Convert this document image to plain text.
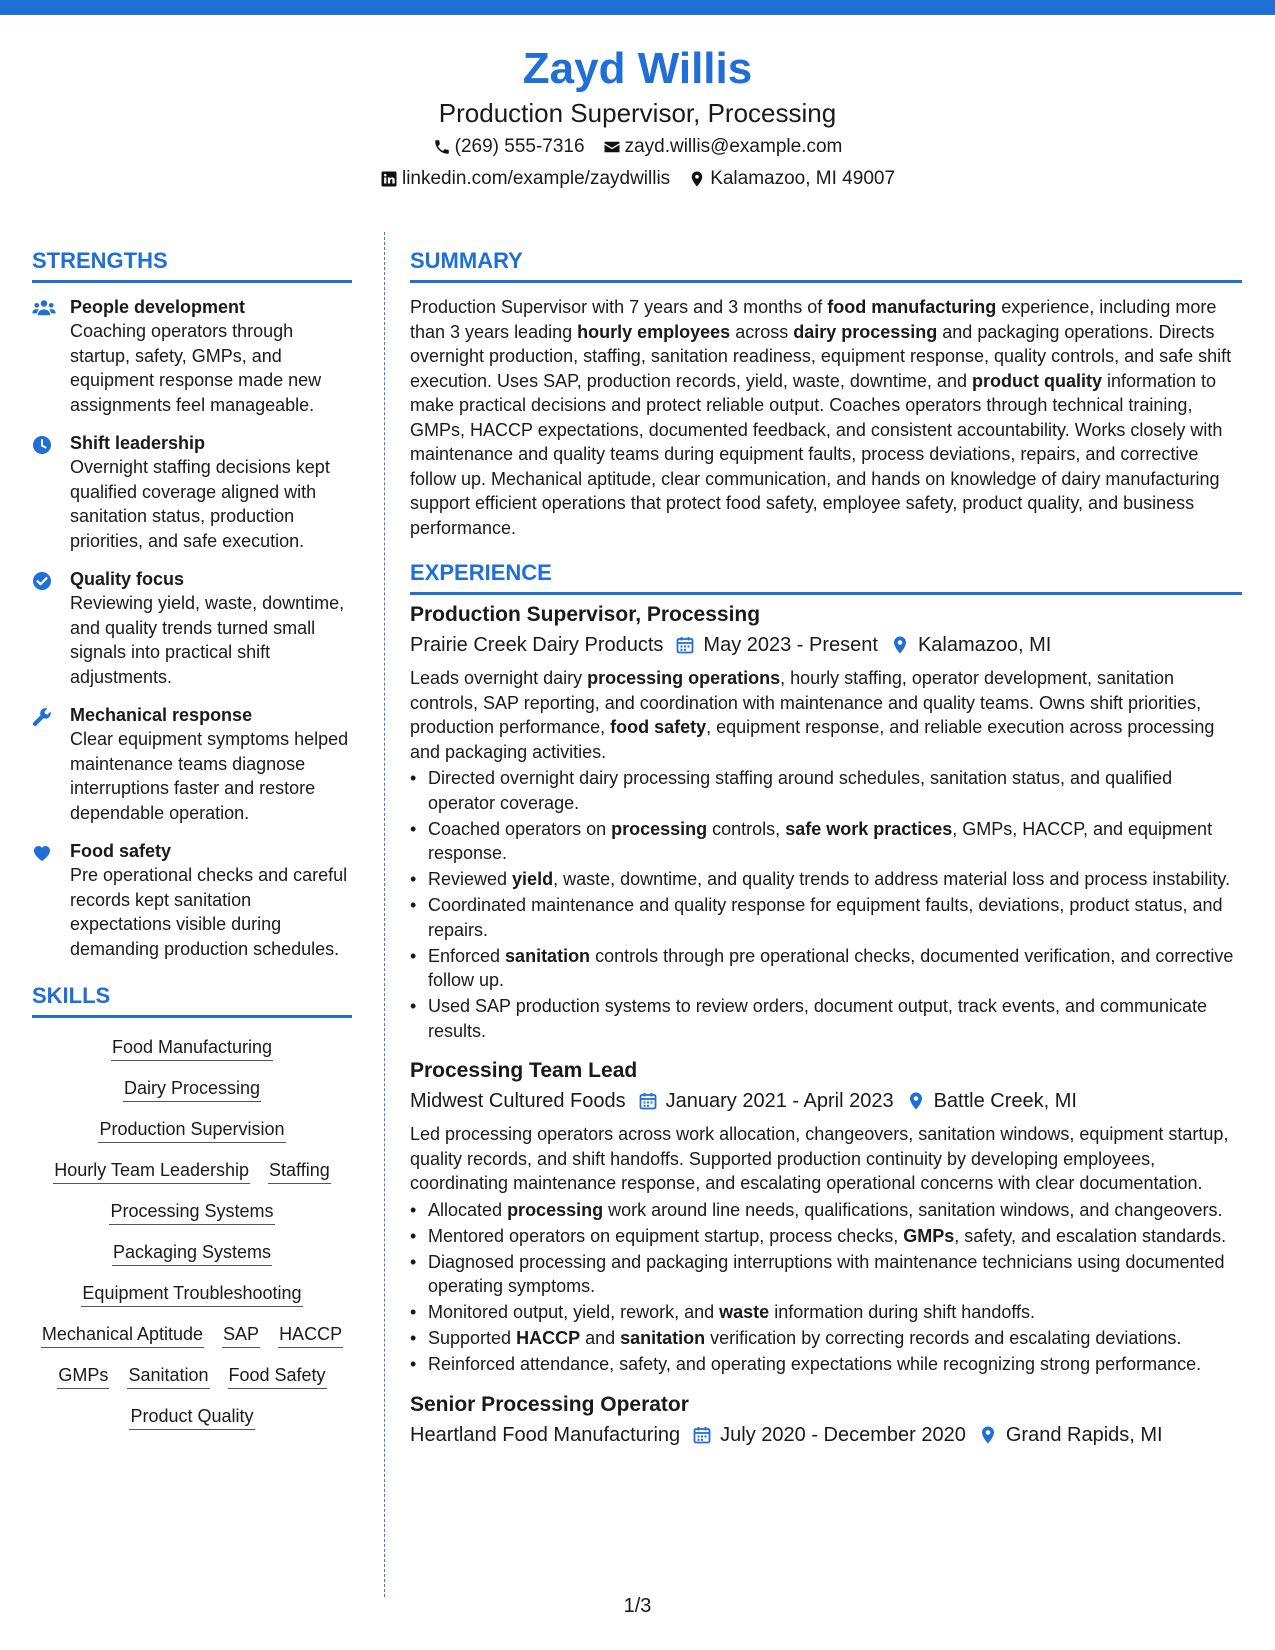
Zayd Willis
Production Supervisor, Processing
(269) 555-7316 zayd.willis@example.com
linkedin.com/example/zaydwillis Kalamazoo, MI 49007
STRENGTHS
People development

Coaching operators through startup, safety, GMPs, and equipment response made new assignments feel manageable.

Shift leadership

Overnight staffing decisions kept qualified coverage aligned with sanitation status, production priorities, and safe execution.

Quality focus

Reviewing yield, waste, downtime, and quality trends turned small signals into practical shift adjustments.

Mechanical response

Clear equipment symptoms helped maintenance teams diagnose interruptions faster and restore dependable operation.

Food safety

Pre operational checks and careful records kept sanitation expectations visible during demanding production schedules.

SKILLS
Food Manufacturing
Dairy Processing
Production Supervision
Hourly Team Leadership Staffing
Processing Systems
Packaging Systems
Equipment Troubleshooting
Mechanical Aptitude SAP HACCP
GMPs Sanitation Food Safety
Product Quality
SUMMARY

Production Supervisor with 7 years and 3 months of food manufacturing experience, including more than 3 years leading hourly employees across dairy processing and packaging operations. Directs overnight production, staffing, sanitation readiness, equipment response, quality controls, and safe shift execution. Uses SAP, production records, yield, waste, downtime, and product quality information to make practical decisions and protect reliable output. Coaches operators through technical training, GMPs, HACCP expectations, documented feedback, and consistent accountability. Works closely with maintenance and quality teams during equipment faults, process deviations, repairs, and corrective follow up. Mechanical aptitude, clear communication, and hands on knowledge of dairy manufacturing support efficient operations that protect food safety, employee safety, product quality, and business performance.

EXPERIENCE
Production Supervisor, Processing
Prairie Creek Dairy Products May 2023 - Present Kalamazoo, MI

Leads overnight dairy processing operations, hourly staffing, operator development, sanitation controls, SAP reporting, and coordination with maintenance and quality teams. Owns shift priorities, production performance, food safety, equipment response, and reliable execution across processing and packaging activities.

• Directed overnight dairy processing staffing around schedules, sanitation status, and qualified operator coverage.
• Coached operators on processing controls, safe work practices, GMPs, HACCP, and equipment response.
• Reviewed yield, waste, downtime, and quality trends to address material loss and process instability.
• Coordinated maintenance and quality response for equipment faults, deviations, product status, and repairs.
• Enforced sanitation controls through pre operational checks, documented verification, and corrective follow up.
• Used SAP production systems to review orders, document output, track events, and communicate results.
Processing Team Lead
Midwest Cultured Foods January 2021 - April 2023 Battle Creek, MI

Led processing operators across work allocation, changeovers, sanitation windows, equipment startup, quality records, and shift handoffs. Supported production continuity by developing employees, coordinating maintenance response, and escalating operational concerns with clear documentation.

• Allocated processing work around line needs, qualifications, sanitation windows, and changeovers.
• Mentored operators on equipment startup, process checks, GMPs, safety, and escalation standards.
• Diagnosed processing and packaging interruptions with maintenance technicians using documented operating symptoms.
• Monitored output, yield, rework, and waste information during shift handoffs.
• Supported HACCP and sanitation verification by correcting records and escalating deviations.
• Reinforced attendance, safety, and operating expectations while recognizing strong performance.
Senior Processing Operator
Heartland Food Manufacturing July 2020 - December 2020 Grand Rapids, MI
1/3
